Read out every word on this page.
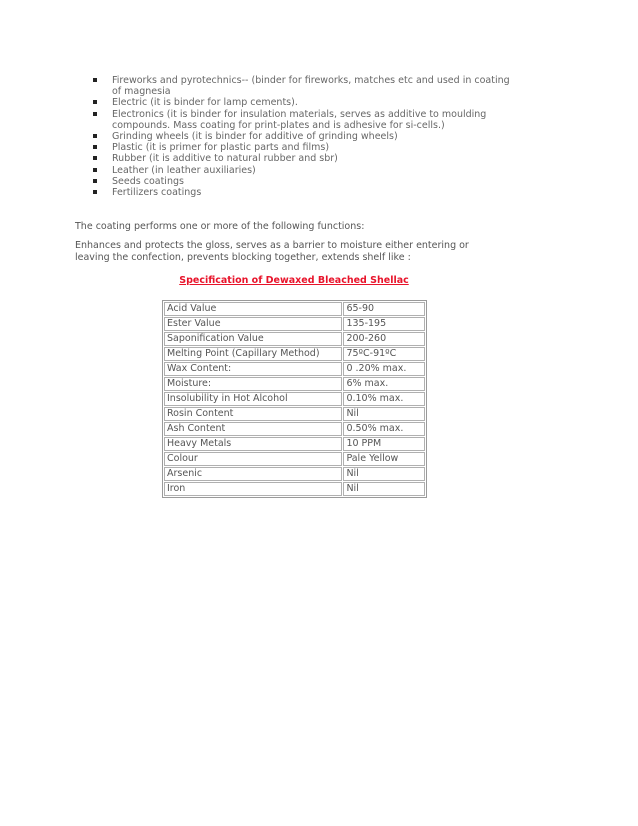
Fireworks and pyrotechnics-- (binder for fireworks, matches etc and used in coating of magnesia
Electric (it is binder for lamp cements).
Electronics (it is binder for insulation materials, serves as additive to moulding compounds. Mass coating for print-plates and is adhesive for si-cells.)
Grinding wheels (it is binder for additive of grinding wheels)
Plastic (it is primer for plastic parts and films)
Rubber (it is additive to natural rubber and sbr)
Leather (in leather auxiliaries)
Seeds coatings
Fertilizers coatings

The coating performs one or more of the following functions:

Enhances and protects the gloss, serves as a barrier to moisture either entering or leaving the confection, prevents blocking together, extends shelf like :

Specification of Dewaxed Bleached Shellac
Acid Value	65-90
Ester Value	135-195
Saponification Value	200-260
Melting Point (Capillary Method)	75ºC-91ºC
Wax Content:	0 .20% max.
Moisture:	6% max.
Insolubility in Hot Alcohol	0.10% max.
Rosin Content	Nil
Ash Content	0.50% max.
Heavy Metals	10 PPM
Colour	Pale Yellow
Arsenic	Nil
Iron	Nil
